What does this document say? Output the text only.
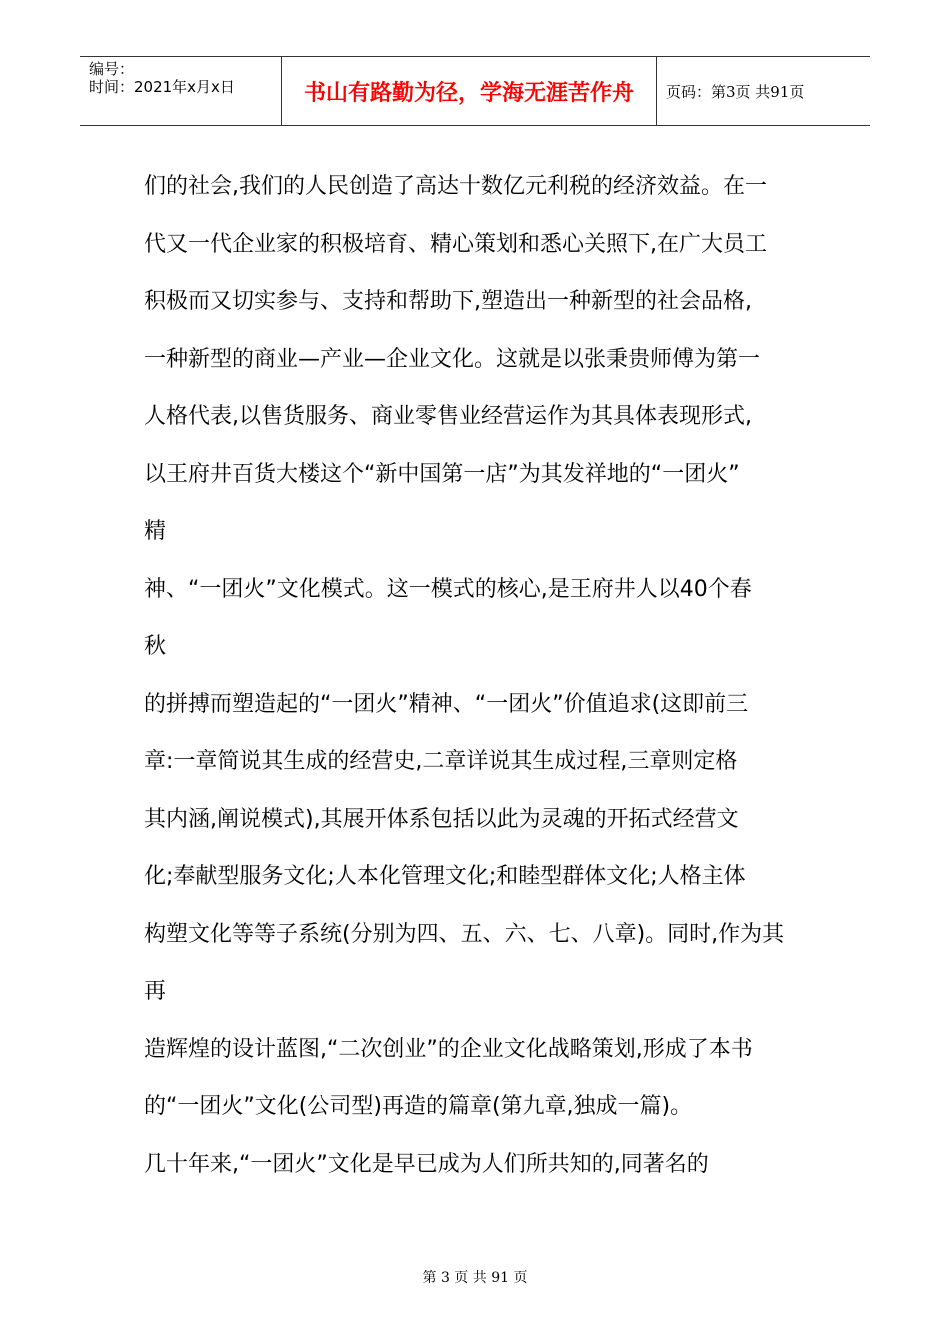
编号：
时间：2021年x月x日	书山有路勤为径，学海无涯苦作舟	页码：第3页 共91页
们的社会,我们的人民创造了高达十数亿元利税的经济效益。在一
代又一代企业家的积极培育、精心策划和悉心关照下,在广大员工
积极而又切实参与、支持和帮助下,塑造出一种新型的社会品格,
一种新型的商业—产业—企业文化。这就是以张秉贵师傅为第一
人格代表,以售货服务、商业零售业经营运作为其具体表现形式,
以王府井百货大楼这个“新中国第一店”为其发祥地的“一团火”
精
神、“一团火”文化模式。这一模式的核心,是王府井人以40个春
秋
的拼搏而塑造起的“一团火”精神、“一团火”价值追求(这即前三
章:一章简说其生成的经营史,二章详说其生成过程,三章则定格
其内涵,阐说模式),其展开体系包括以此为灵魂的开拓式经营文
化;奉献型服务文化;人本化管理文化;和睦型群体文化;人格主体
构塑文化等等子系统(分别为四、五、六、七、八章)。同时,作为其
再
造辉煌的设计蓝图,“二次创业”的企业文化战略策划,形成了本书
的“一团火”文化(公司型)再造的篇章(第九章,独成一篇)。
几十年来,“一团火”文化是早已成为人们所共知的,同著名的
第 3 页 共 91 页
